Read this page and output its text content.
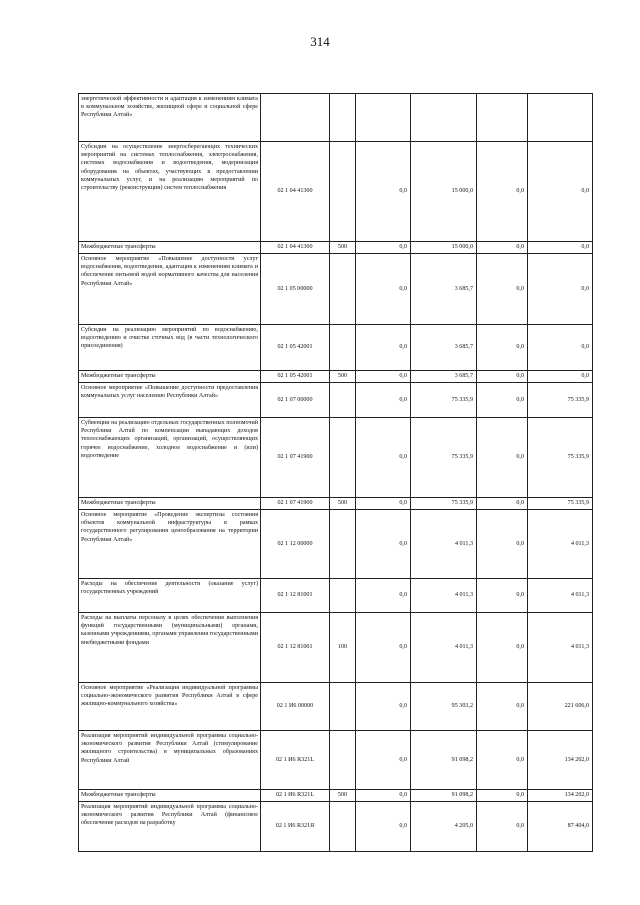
314
энергетической эффективности и адаптация к изменениям климата в коммунальном хозяйстве, жилищной сфере и социальной сфере Республики Алтай»						
Субсидии на осуществление энергосберегающих технических мероприятий на системах теплоснабжения, электроснабжения, системах водоснабжения и водоотведения, модернизация оборудования на объектах, участвующих в предоставлении коммунальных услуг, и на реализацию мероприятий по строительству (реконструкции) систем теплоснабжения	02 1 04 41300		0,0	15 000,0	0,0	0,0
Межбюджетные трансферты	02 1 04 41300	500	0,0	15 000,0	0,0	0,0
Основное мероприятие «Повышение доступности услуг водоснабжения, водоотведения, адаптация к изменениям климата и обеспечение питьевой водой нормативного качества для населения Республики Алтай»	02 1 05 00000		0,0	3 685,7	0,0	0,0
Субсидии на реализацию мероприятий по водоснабжению, водоотведению и очистке сточных вод (в части технологического присоединения)	02 1 05 42001		0,0	3 685,7	0,0	0,0
Межбюджетные трансферты	02 1 05 42001	500	0,0	3 685,7	0,0	0,0
Основное мероприятие «Повышение доступности предоставления коммунальных услуг населению Республики Алтай»	02 1 07 00000		0,0	75 335,9	0,0	75 335,9
Субвенции на реализацию отдельных государственных полномочий Республики Алтай по компенсации выпадающих доходов теплоснабжающих организаций, организаций, осуществляющих горячее водоснабжение, холодное водоснабжение и (или) водоотведение	02 1 07 41900		0,0	75 335,9	0,0	75 335,9
Межбюджетные трансферты	02 1 07 41900	500	0,0	75 335,9	0,0	75 335,9
Основное мероприятие «Проведение экспертизы состояния объектов коммунальной инфраструктуры в рамках государственного регулирования ценообразования на территории Республики Алтай»	02 1 12 00000		0,0	4 011,3	0,0	4 011,3
Расходы на обеспечение деятельности (оказание услуг) государственных учреждений	02 1 12 81001		0,0	4 011,3	0,0	4 011,3
Расходы на выплаты персоналу в целях обеспечения выполнения функций государственными (муниципальными) органами, казенными учреждениями, органами управления государственными внебюджетными фондами	02 1 12 81001	100	0,0	4 011,3	0,0	4 011,3
Основное мероприятие «Реализация индивидуальной программы социально-экономического развития Республики Алтай в сфере жилищно-коммунального хозяйства»	02 1 И6 00000		0,0	95 303,2	0,0	221 606,0
Реализация мероприятий индивидуальной программы социально-экономического развития Республики Алтай (стимулирование жилищного строительства) в муниципальных образованиях Республики Алтай	02 1 И6 R321L		0,0	91 098,2	0,0	134 202,0
Межбюджетные трансферты	02 1 И6 R321L	500	0,0	91 098,2	0,0	134 202,0
Реализация мероприятий индивидуальной программы социально-экономического развития Республики Алтай (финансовое обеспечение расходов на разработку	02 1 И6 R321Я		0,0	4 205,0	0,0	87 404,0
